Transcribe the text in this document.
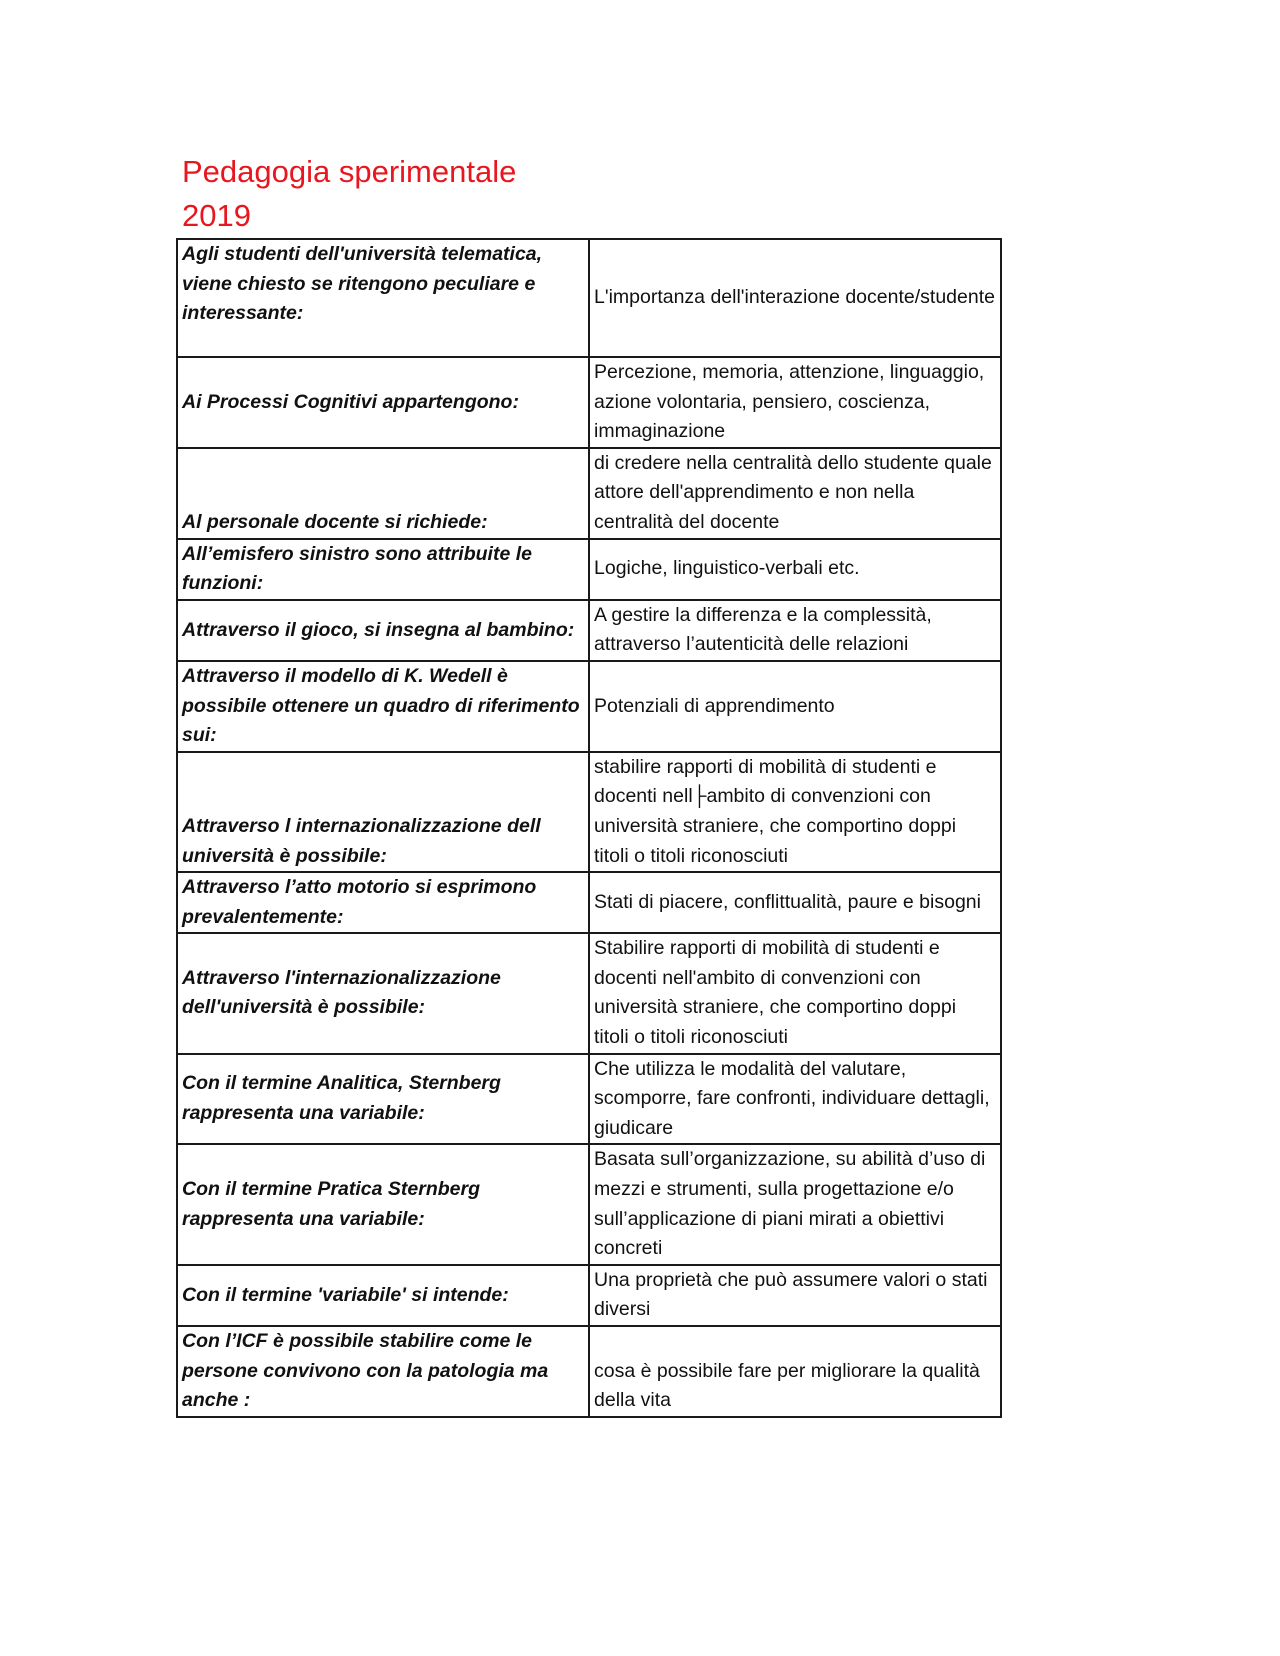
Pedagogia sperimentale
2019
Agli studenti dell'università telematica, viene chiesto se ritengono peculiare e interessante:	L'importanza dell'interazione docente/studente
Ai Processi Cognitivi appartengono:	Percezione, memoria, attenzione, linguaggio, azione volontaria, pensiero, coscienza, immaginazione
Al personale docente si richiede:	di credere nella centralità dello studente quale attore dell'apprendimento e non nella centralità del docente
All’emisfero sinistro sono attribuite le funzioni:	Logiche, linguistico-verbali etc.
Attraverso il gioco, si insegna al bambino:	A gestire la differenza e la complessità, attraverso l’autenticità delle relazioni
Attraverso il modello di K. Wedell è possibile ottenere un quadro di riferimento sui:	Potenziali di apprendimento
Attraverso l internazionalizzazione dell università è possibile:	stabilire rapporti di mobilità di studenti e docenti nell├ambito di convenzioni con università straniere, che comportino doppi titoli o titoli riconosciuti
Attraverso l’atto motorio si esprimono prevalentemente:	Stati di piacere, conflittualità, paure e bisogni
Attraverso l'internazionalizzazione dell'università è possibile:	Stabilire rapporti di mobilità di studenti e docenti nell'ambito di convenzioni con università straniere, che comportino doppi titoli o titoli riconosciuti
Con il termine Analitica, Sternberg rappresenta una variabile:	Che utilizza le modalità del valutare, scomporre, fare confronti, individuare dettagli, giudicare
Con il termine Pratica Sternberg rappresenta una variabile:	Basata sull’organizzazione, su abilità d’uso di mezzi e strumenti, sulla progettazione e/o sull’applicazione di piani mirati a obiettivi concreti
Con il termine 'variabile' si intende:	Una proprietà che può assumere valori o stati diversi
Con l’ICF è possibile stabilire come le persone convivono con la patologia ma anche :	cosa è possibile fare per migliorare la qualità della vita
